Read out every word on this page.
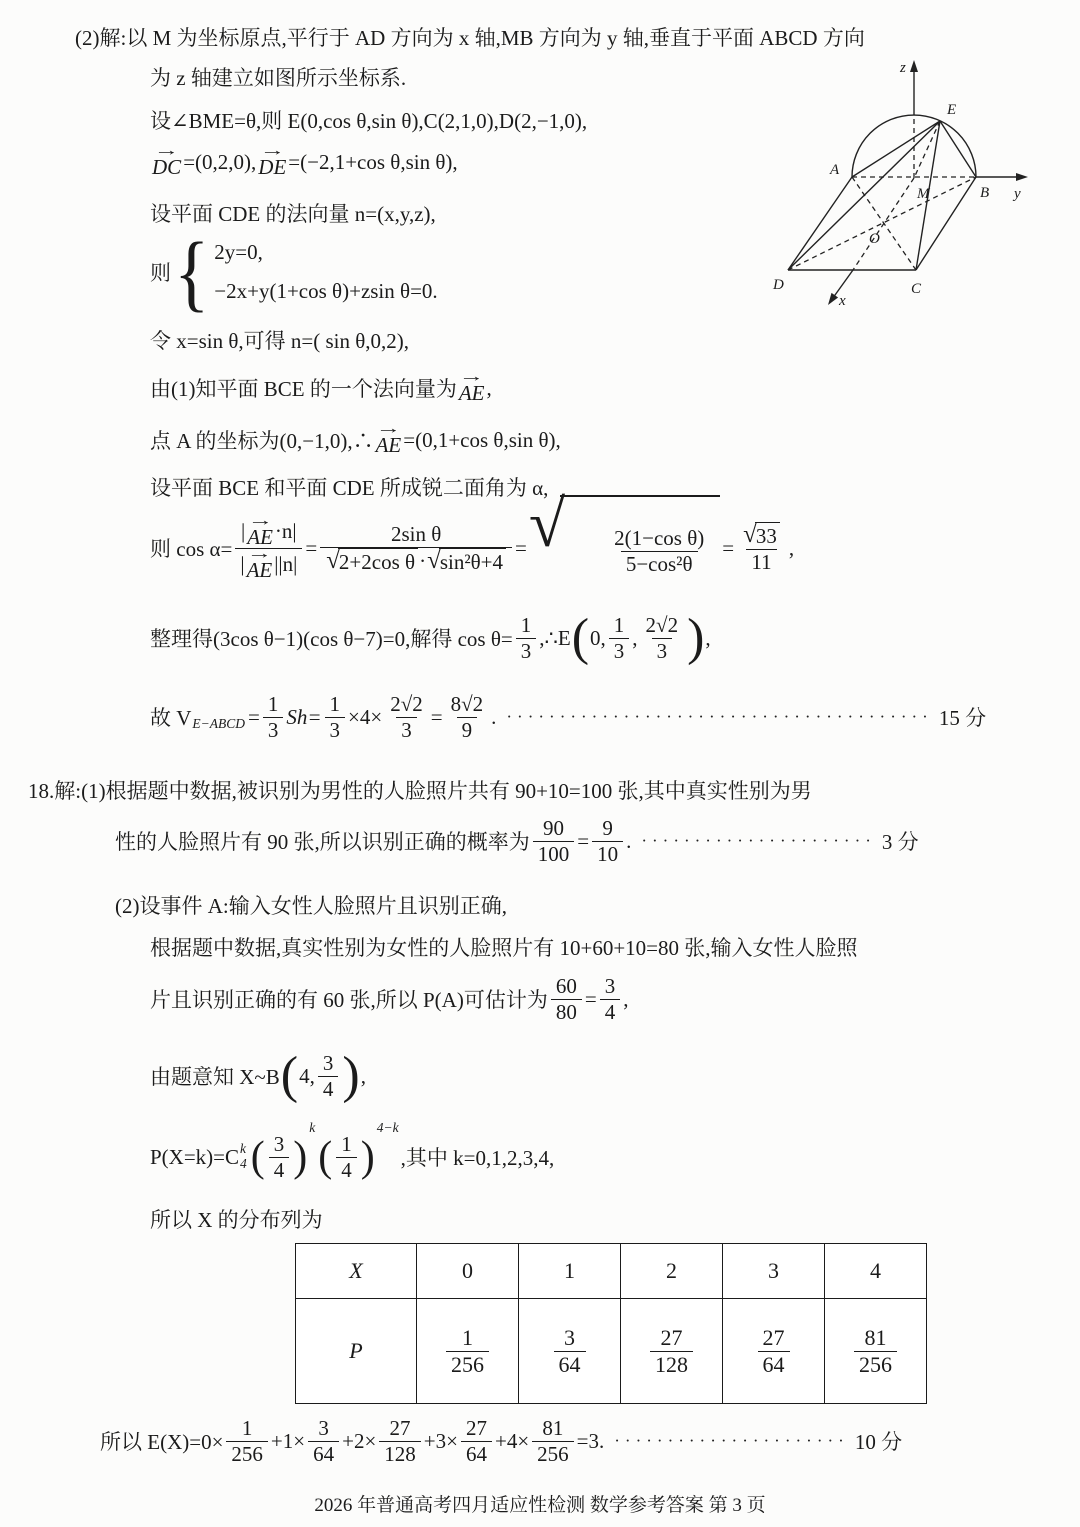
(2)解:以 M 为坐标原点,平行于 AD 方向为 x 轴,MB 方向为 y 轴,垂直于平面 ABCD 方向
为 z 轴建立如图所示坐标系.
设∠BME=θ,则 E(0,cos θ,sin θ),C(2,1,0),D(2,−1,0),
→
DC =(0,2,0), →
DE =(−2,1+cos θ,sin θ),
设平面 CDE 的法向量 n=(x,y,z),
则 { 2y=0,
−2x+y(1+cos θ)+zsin θ=0.
令 x=sin θ,可得 n=( sin θ,0,2),
由(1)知平面 BCE 的一个法向量为 →
AE ,
点 A 的坐标为(0,−1,0),∴ →
AE =(0,1+cos θ,sin θ),
设平面 BCE 和平面 CDE 所成锐二面角为 α,
则 cos α= | →
AE ·n|
| →
AE $||n| = \frac{\text{2sin θ}}{\text{√ 2+2cos θ · √ sin²θ+4}}$ = √

$\frac{\text{2(1−cos θ)}}{\text{5−cos²θ}}$

= $\frac{√ 33}{11}$ ,
整理得(3cos θ−1)(cos θ−7)=0,解得 $\cos \theta= \frac{1}{3}$ ,∴E ( 0,
1
3
,
2√2
3 ) ,
故 V E−ABCD = $\frac{1}{3} Sh= \frac{1}{3} \times 4\times \frac{2√2}{3} = \frac{8√2}{9}$ . ········································ 15 分
18.解:(1)根据题中数据,被识别为男性的人脸照片共有 90+10=100 张,其中真实性别为男
性的人脸照片有 90 张,所以识别正确的概率为 $\frac{90}{100} = \frac{9}{10}$ . ······················ 3 分
(2)设事件 A:输入女性人脸照片且识别正确,
根据题中数据,真实性别为女性的人脸照片有 10+60+10=80 张,输入女性人脸照
片且识别正确的有 60 张,所以 P(A)可估计为 $\frac{60}{80} = \frac{3}{4}$ ,
由题意知 X~B ( 4,
3
4 ) ,
P(X=k)=C k
4 ( 3
4 )
k
( 1
4 )
4−k
,其中 k=0,1,2,3,4,
所以 X 的分布列为
X	0	1	2	3	4
P	$\frac{1}{256}$	$\frac{3}{64}$	$\frac{27}{128}$	$\frac{27}{64}$	$\frac{81}{256}$
所以 $E(X)=0\times \frac{1}{256} +1\times \frac{3}{64} +2\times \frac{27}{128} +3\times \frac{27}{64} +4\times \frac{81}{256} =3$. ······················ 10 分
z
E
A
B y
M
O
D	C
x
2026 年普通高考四月适应性检测 数学参考答案 第 3 页
